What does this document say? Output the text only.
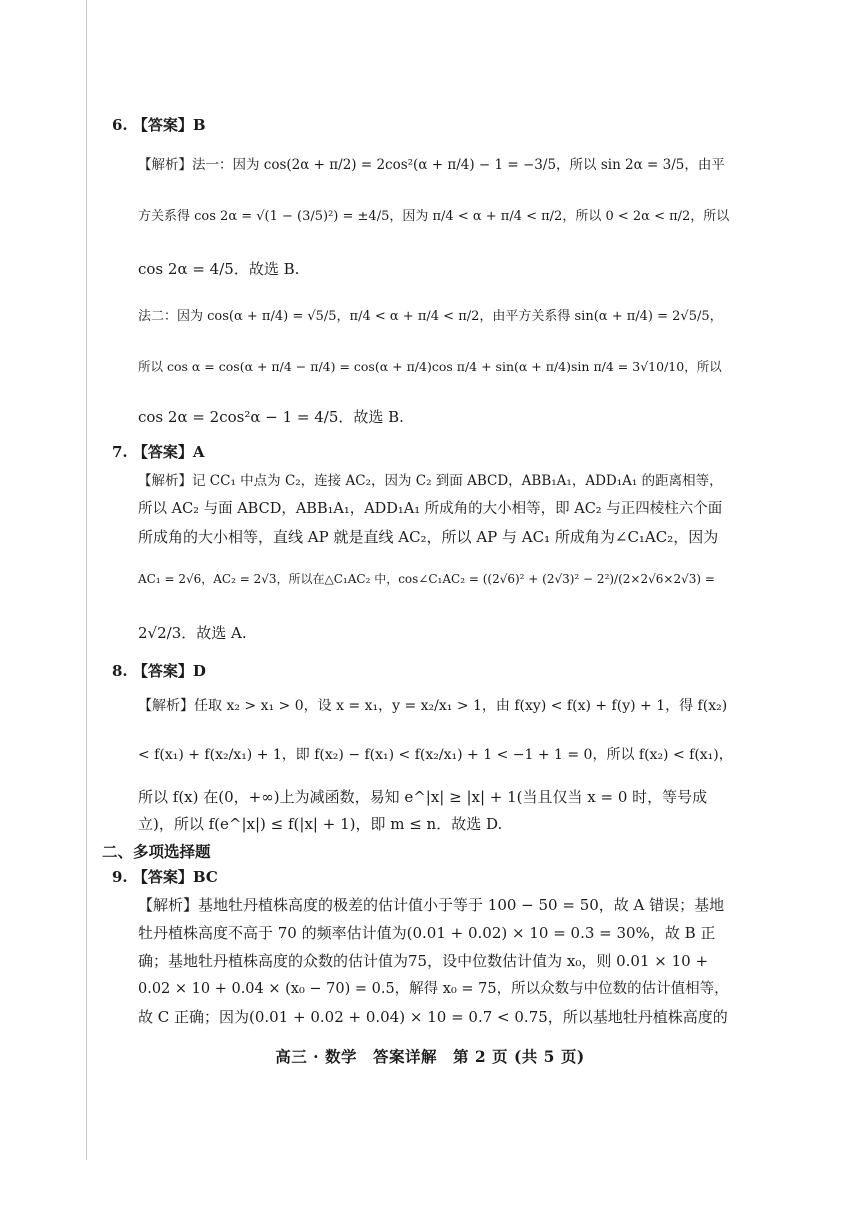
6. 【答案】B

【解析】法一：因为 cos(2α + π/2) = 2cos²(α + π/4) − 1 = −3/5，所以 sin 2α = 3/5，由平

方关系得 cos 2α = √(1 − (3/5)²) = ±4/5，因为 π/4 < α + π/4 < π/2，所以 0 < 2α < π/2，所以

cos 2α = 4/5．故选 B.

法二：因为 cos(α + π/4) = √5/5，π/4 < α + π/4 < π/2，由平方关系得 sin(α + π/4) = 2√5/5，

所以 cos α = cos(α + π/4 − π/4) = cos(α + π/4)cos π/4 + sin(α + π/4)sin π/4 = 3√10/10，所以

cos 2α = 2cos²α − 1 = 4/5．故选 B.

7. 【答案】A

【解析】记 CC₁ 中点为 C₂，连接 AC₂，因为 C₂ 到面 ABCD，ABB₁A₁，ADD₁A₁ 的距离相等，

所以 AC₂ 与面 ABCD，ABB₁A₁，ADD₁A₁ 所成角的大小相等，即 AC₂ 与正四棱柱六个面

所成角的大小相等，直线 AP 就是直线 AC₂，所以 AP 与 AC₁ 所成角为∠C₁AC₂，因为

AC₁ = 2√6，AC₂ = 2√3，所以在△C₁AC₂ 中，cos∠C₁AC₂ = ((2√6)² + (2√3)² − 2²)/(2×2√6×2√3) =

2√2/3．故选 A.

8. 【答案】D

【解析】任取 x₂ > x₁ > 0，设 x = x₁，y = x₂/x₁ > 1，由 f(xy) < f(x) + f(y) + 1，得 f(x₂)

< f(x₁) + f(x₂/x₁) + 1，即 f(x₂) − f(x₁) < f(x₂/x₁) + 1 < −1 + 1 = 0，所以 f(x₂) < f(x₁)，

所以 f(x) 在(0，+∞)上为减函数，易知 e^|x| ≥ |x| + 1(当且仅当 x = 0 时，等号成

立)，所以 f(e^|x|) ≤ f(|x| + 1)，即 m ≤ n．故选 D.

二、多项选择题

9. 【答案】BC

【解析】基地牡丹植株高度的极差的估计值小于等于 100 − 50 = 50，故 A 错误；基地

牡丹植株高度不高于 70 的频率估计值为(0.01 + 0.02) × 10 = 0.3 = 30%，故 B 正

确；基地牡丹植株高度的众数的估计值为75，设中位数估计值为 x₀，则 0.01 × 10 +

0.02 × 10 + 0.04 × (x₀ − 70) = 0.5，解得 x₀ = 75，所以众数与中位数的估计值相等，

故 C 正确；因为(0.01 + 0.02 + 0.04) × 10 = 0.7 < 0.75，所以基地牡丹植株高度的

高三 · 数学　答案详解　第 2 页 (共 5 页)
